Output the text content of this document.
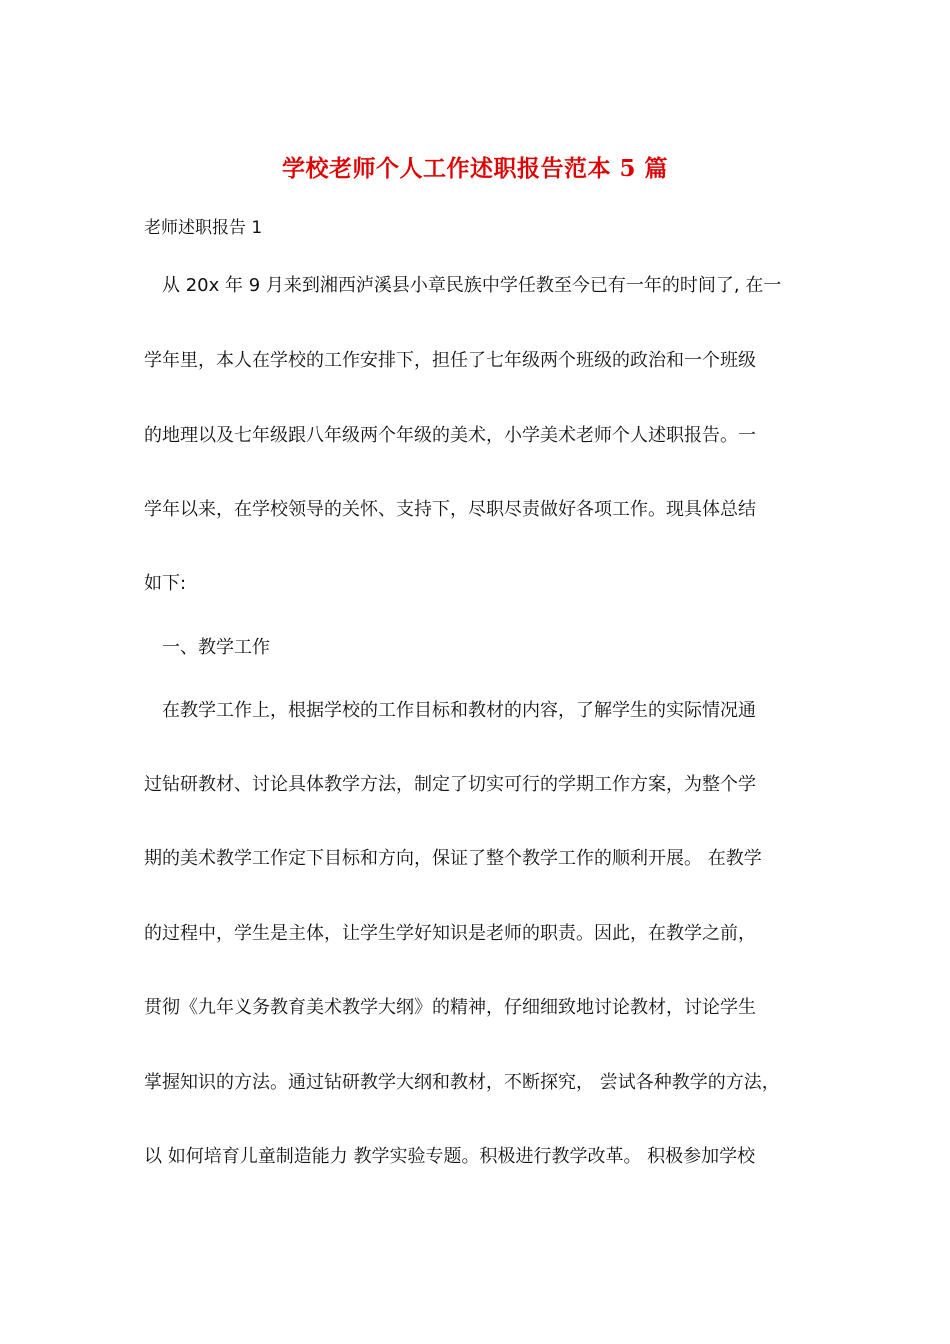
学校老师个人工作述职报告范本 5 篇
老师述职报告 1
　从 20x 年 9 月来到湘西泸溪县小章民族中学任教至今已有一年的时间了, 在一
学年里，本人在学校的工作安排下，担任了七年级两个班级的政治和一个班级
的地理以及七年级跟八年级两个年级的美术，小学美术老师个人述职报告。一
学年以来，在学校领导的关怀、支持下，尽职尽责做好各项工作。现具体总结
如下:
　一、教学工作
　在教学工作上，根据学校的工作目标和教材的内容，了解学生的实际情况通
过钻研教材、讨论具体教学方法，制定了切实可行的学期工作方案，为整个学
期的美术教学工作定下目标和方向，保证了整个教学工作的顺利开展。 在教学
的过程中，学生是主体，让学生学好知识是老师的职责。因此，在教学之前，
贯彻《九年义务教育美术教学大纲》的精神，仔细细致地讨论教材，讨论学生
掌握知识的方法。通过钻研教学大纲和教材，不断探究， 尝试各种教学的方法，
以 如何培育儿童制造能力 教学实验专题。积极进行教学改革。 积极参加学校
